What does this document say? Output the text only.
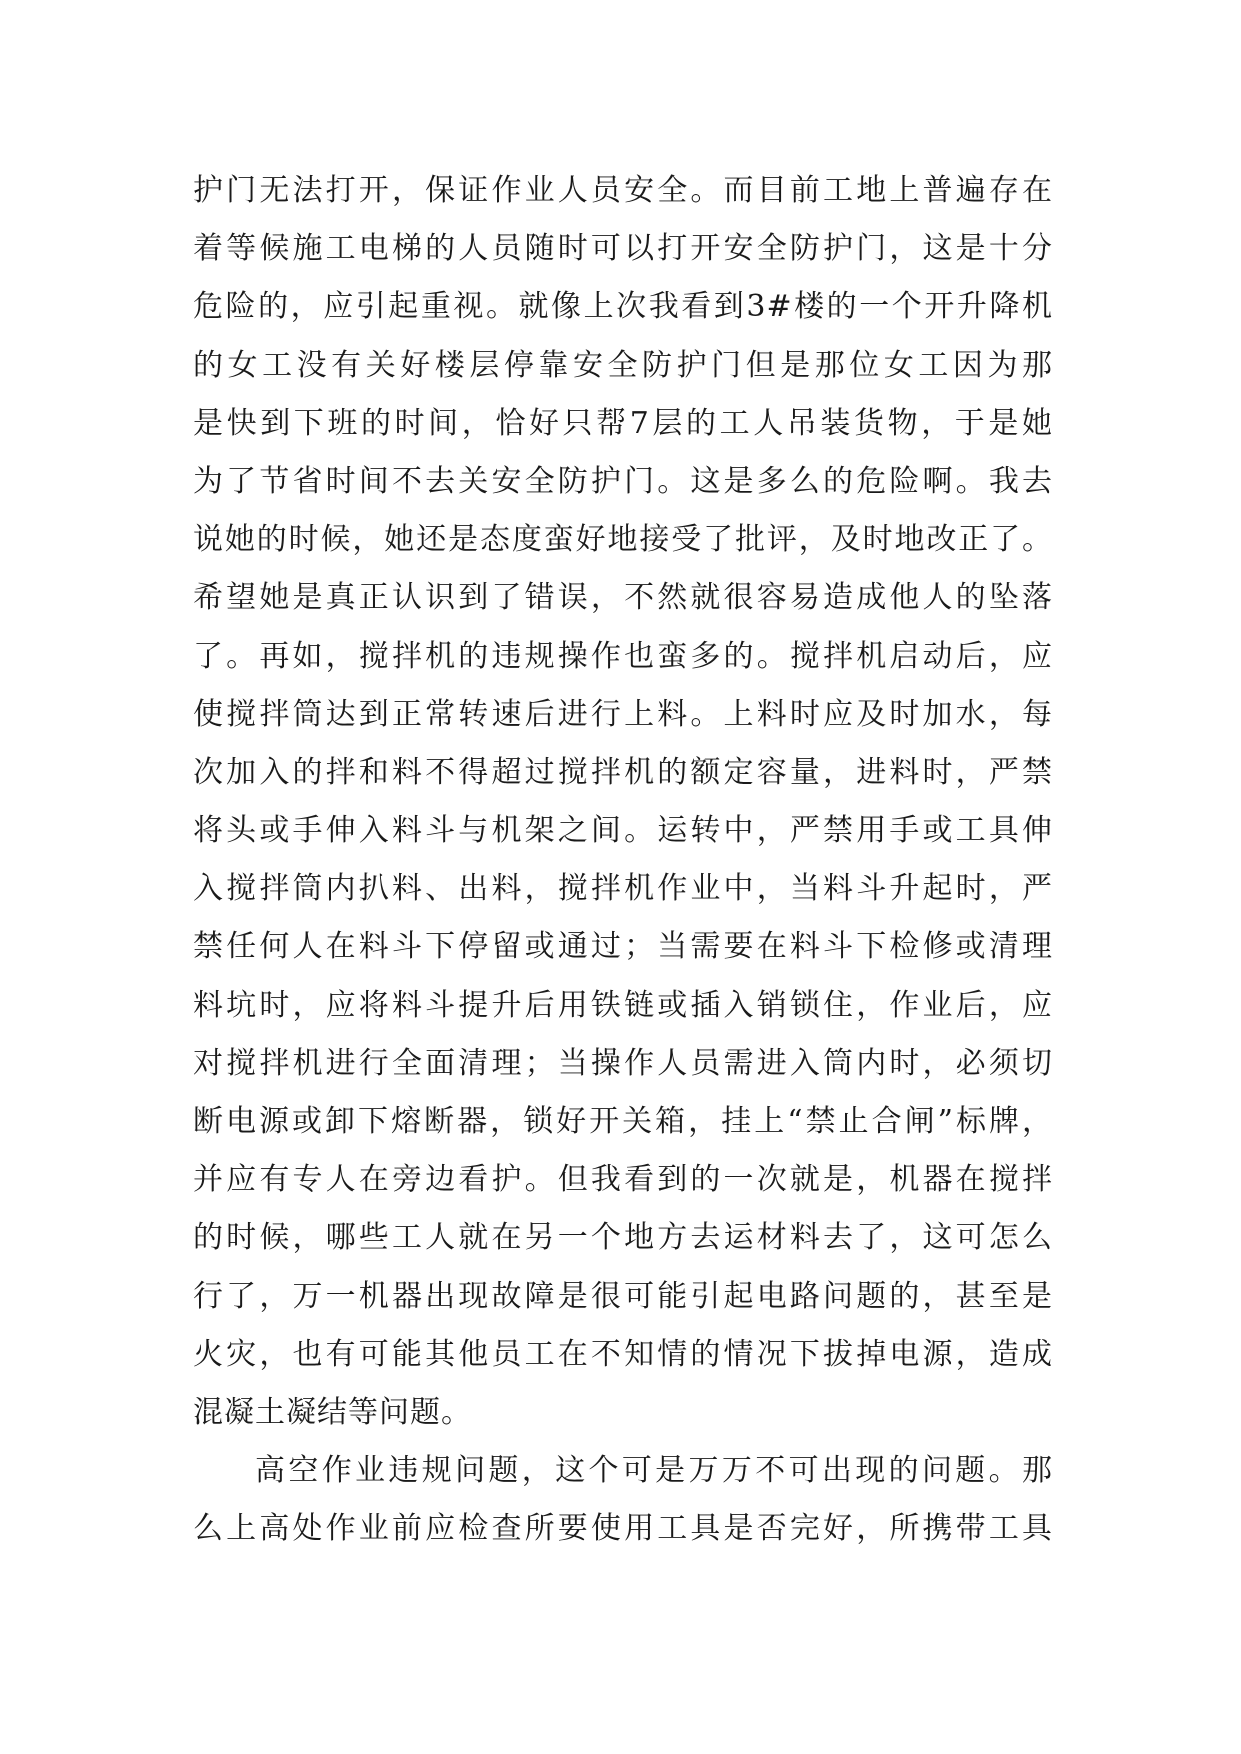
护门无法打开，保证作业人员安全。而目前工地上普遍存在
着等候施工电梯的人员随时可以打开安全防护门，这是十分
危险的，应引起重视。就像上次我看到3#楼的一个开升降机
的女工没有关好楼层停靠安全防护门但是那位女工因为那
是快到下班的时间，恰好只帮7层的工人吊装货物，于是她
为了节省时间不去关安全防护门。这是多么的危险啊。我去
说她的时候，她还是态度蛮好地接受了批评，及时地改正了。
希望她是真正认识到了错误，不然就很容易造成他人的坠落
了。再如，搅拌机的违规操作也蛮多的。搅拌机启动后，应
使搅拌筒达到正常转速后进行上料。上料时应及时加水，每
次加入的拌和料不得超过搅拌机的额定容量，进料时，严禁
将头或手伸入料斗与机架之间。运转中，严禁用手或工具伸
入搅拌筒内扒料、出料，搅拌机作业中，当料斗升起时，严
禁任何人在料斗下停留或通过；当需要在料斗下检修或清理
料坑时，应将料斗提升后用铁链或插入销锁住，作业后，应
对搅拌机进行全面清理；当操作人员需进入筒内时，必须切
断电源或卸下熔断器，锁好开关箱，挂上“禁止合闸”标牌，
并应有专人在旁边看护。但我看到的一次就是，机器在搅拌
的时候，哪些工人就在另一个地方去运材料去了，这可怎么
行了，万一机器出现故障是很可能引起电路问题的，甚至是
火灾，也有可能其他员工在不知情的情况下拔掉电源，造成
混凝土凝结等问题。
高空作业违规问题，这个可是万万不可出现的问题。那
么上高处作业前应检查所要使用工具是否完好，所携带工具
